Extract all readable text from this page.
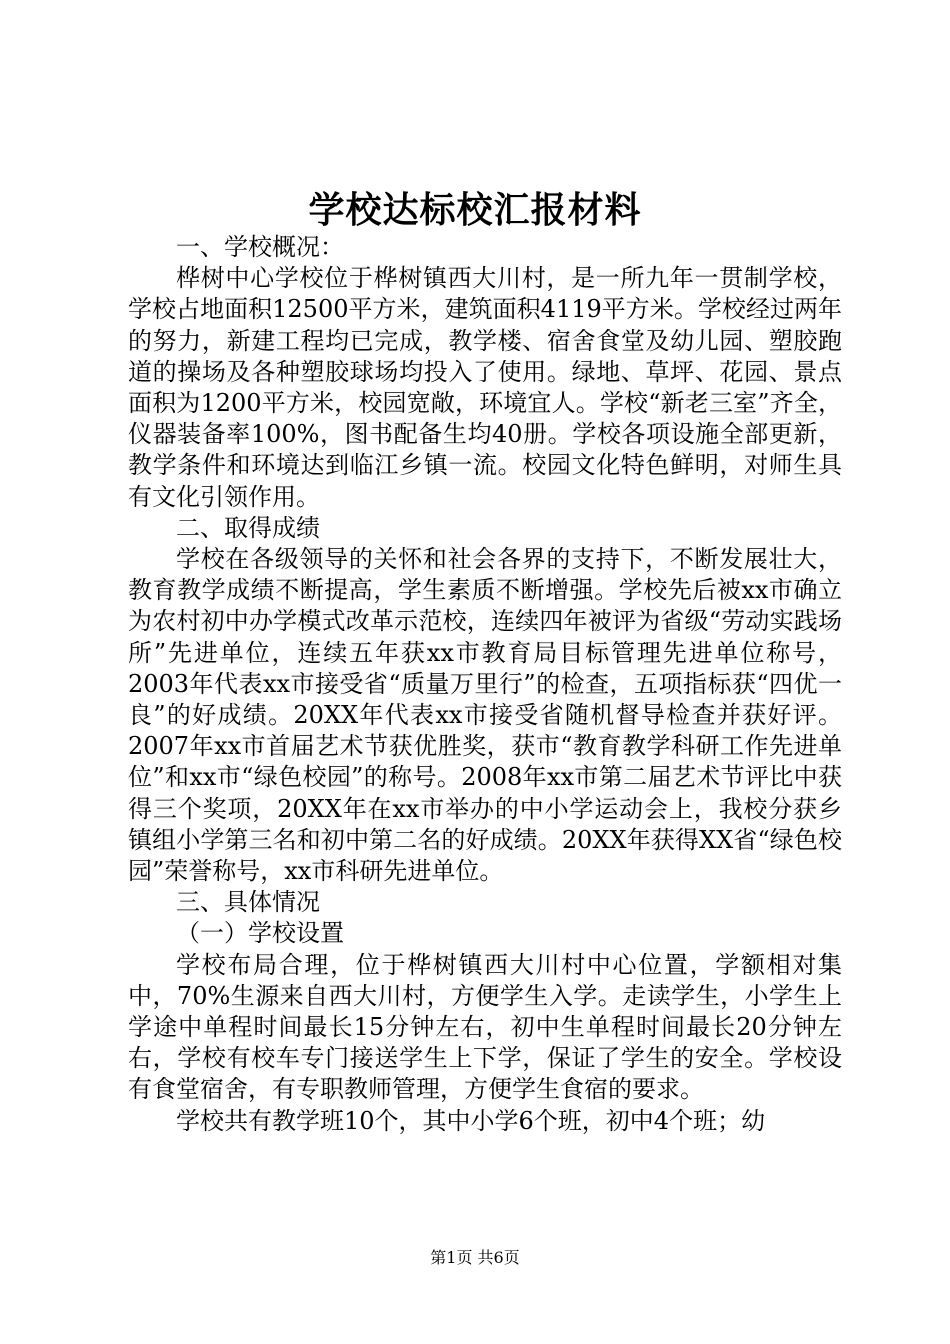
学校达标校汇报材料

一、学校概况：

桦树中心学校位于桦树镇西大川村，是一所九年一贯制学校，学校占地面积12500平方米，建筑面积4119平方米。学校经过两年的努力，新建工程均已完成，教学楼、宿舍食堂及幼儿园、塑胶跑道的操场及各种塑胶球场均投入了使用。绿地、草坪、花园、景点面积为1200平方米，校园宽敞，环境宜人。学校“新老三室”齐全，仪器装备率100%，图书配备生均40册。学校各项设施全部更新，教学条件和环境达到临江乡镇一流。校园文化特色鲜明，对师生具有文化引领作用。

二、取得成绩

学校在各级领导的关怀和社会各界的支持下，不断发展壮大，教育教学成绩不断提高，学生素质不断增强。学校先后被xx市确立为农村初中办学模式改革示范校，连续四年被评为省级“劳动实践场所”先进单位，连续五年获xx市教育局目标管理先进单位称号，2003年代表xx市接受省“质量万里行”的检查，五项指标获“四优一良”的好成绩。20XX年代表xx市接受省随机督导检查并获好评。2007年xx市首届艺术节获优胜奖，获市“教育教学科研工作先进单位”和xx市“绿色校园”的称号。2008年xx市第二届艺术节评比中获得三个奖项，20XX年在xx市举办的中小学运动会上，我校分获乡镇组小学第三名和初中第二名的好成绩。20XX年获得XX省“绿色校园”荣誉称号，xx市科研先进单位。

三、具体情况

（一）学校设置

学校布局合理，位于桦树镇西大川村中心位置，学额相对集中，70%生源来自西大川村，方便学生入学。走读学生，小学生上学途中单程时间最长15分钟左右，初中生单程时间最长20分钟左右，学校有校车专门接送学生上下学，保证了学生的安全。学校设有食堂宿舍，有专职教师管理，方便学生食宿的要求。

学校共有教学班10个，其中小学6个班，初中4个班；幼

第1页 共6页
